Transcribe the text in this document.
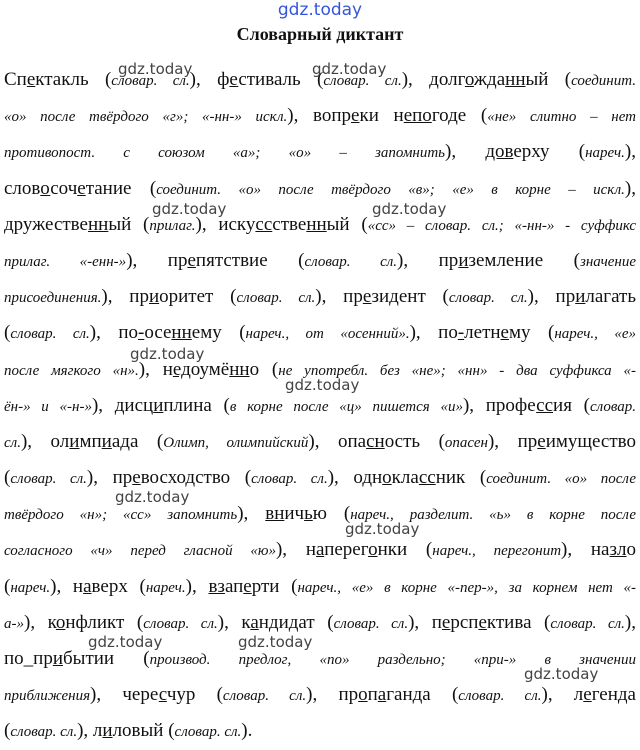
gdz.today
Словарный диктант
Спектакль (словар. сл.), фестиваль (словар. сл.), долгожданный (соединит.
«о» после твёрдого «г»; «-нн-» искл.), вопреки непогоде («не» слитно – нет
противопост. с союзом «а»; «о» – запомнить), доверху (нареч.),
словосочетание (соединит. «о» после твёрдого «в»; «е» в корне – искл.),
дружественный (прилаг.), искуссственный («сс» – словар. сл.; «-нн-» - суффикс
прилаг. «-енн-»), препятствие (словар. сл.), приземление (значение
присоединения.), приоритет (словар. сл.), президент (словар. сл.), прилагать
(словар. сл.), по-осеннему (нареч., от «осенний».), по-летнему (нареч., «е»
после мягкого «н».), недоумённо (не употребл. без «не»; «нн» - два суффикса «-
ён-» и «-н-»), дисциплина (в корне после «ц» пишется «и»), профессия (словар.
сл.), олимпиада (Олимп, олимпийский), опасность (опасен), преимущество
(словар. сл.), превосходство (словар. сл.), одноклассник (соединит. «о» после
твёрдого «н»; «сс» запомнить), вничью (нареч., разделит. «ь» в корне после
согласного «ч» перед гласной «ю»), наперегонки (нареч., перегонит), назло
(нареч.), наверх (нареч.), взаперти (нареч., «е» в корне «-пер-», за корнем нет «-
а-»), конфликт (словар. сл.), кандидат (словар. сл.), перспектива (словар. сл.),
по_прибытии (производ. предлог, «по» раздельно; «при-» в значении
приближения), чересчур (словар. сл.), пропаганда (словар. сл.), легенда
(словар. сл.), лиловый (словар. сл.).
gdz.today	gdz.today
gdz.today	gdz.today
gdz.today
gdz.today
gdz.today
gdz.today
gdz.today	gdz.today
gdz.today
